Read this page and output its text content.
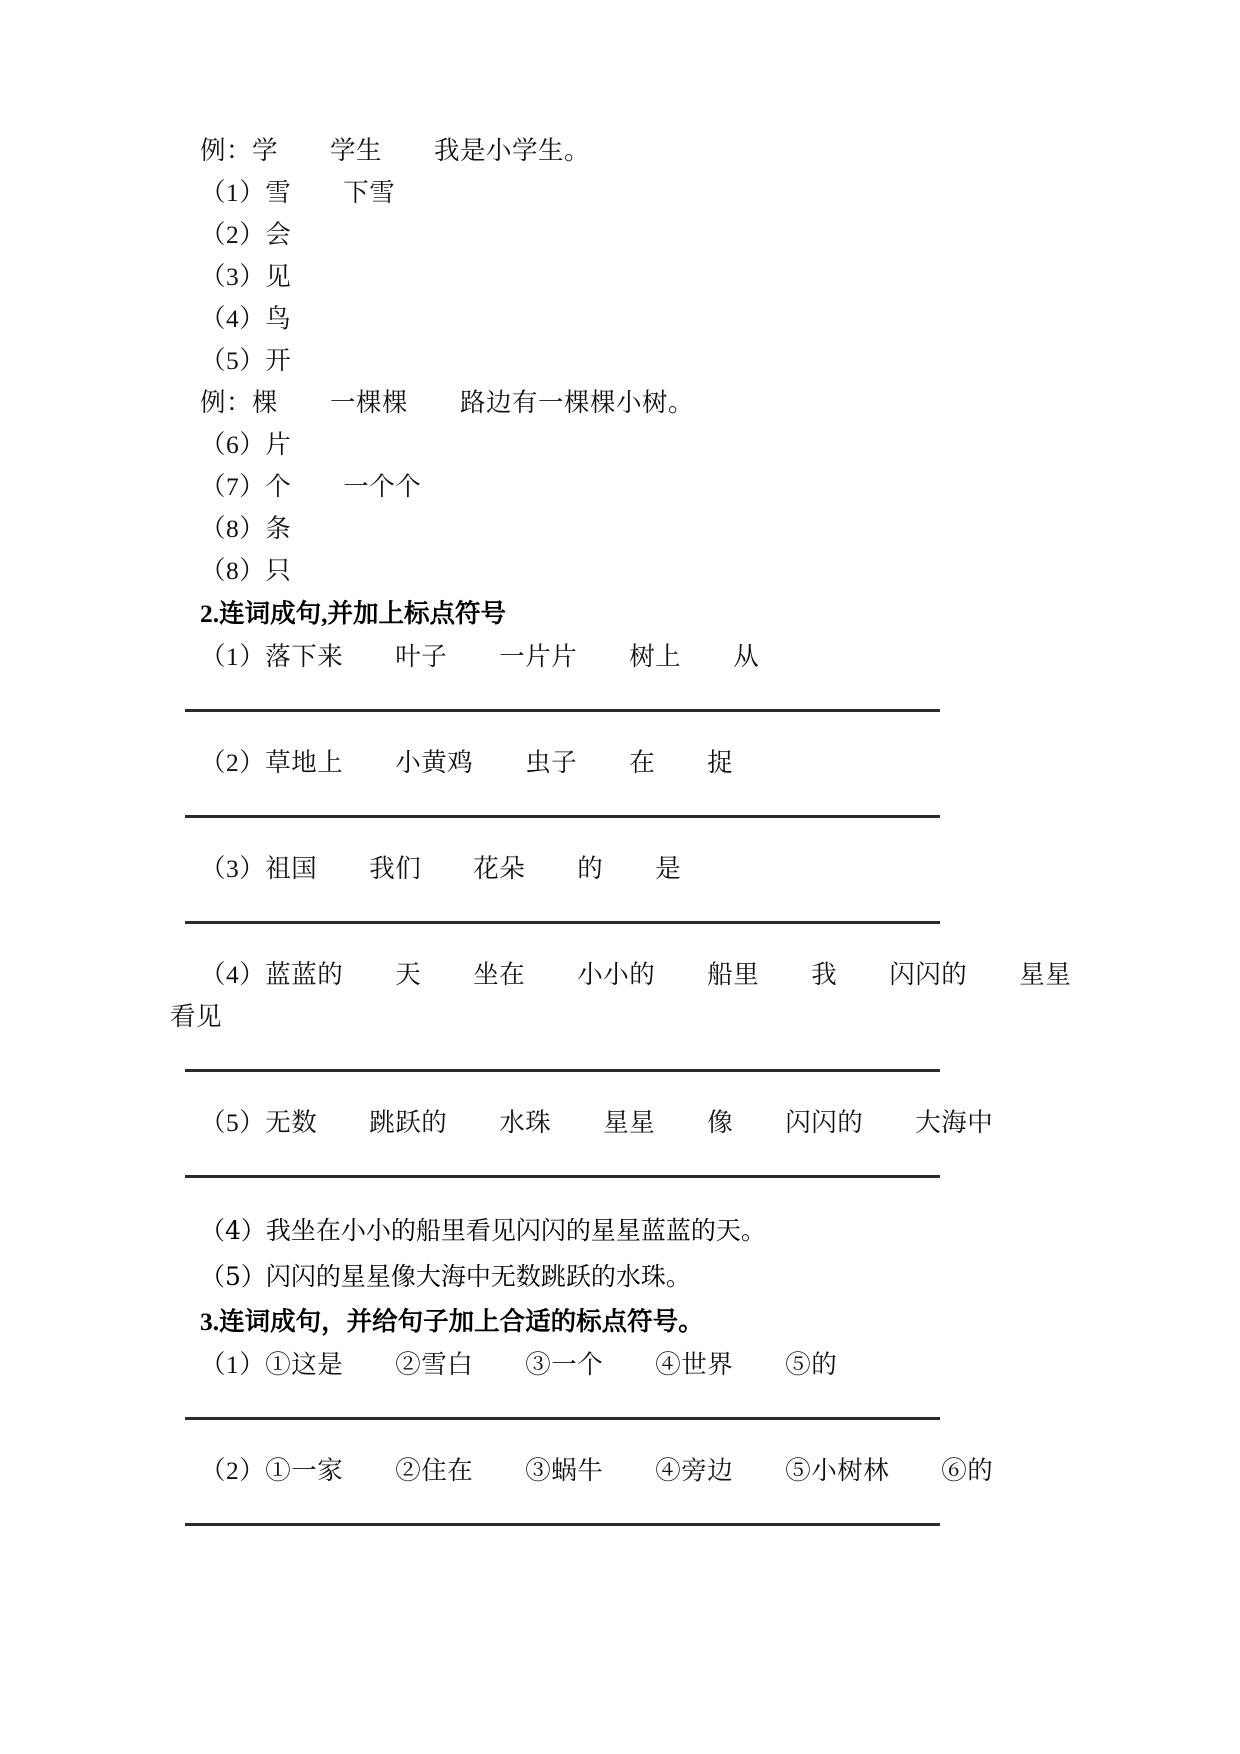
例：学　　学生　　我是小学生。
（1）雪　　下雪
（2）会
（3）见
（4）鸟
（5）开
例：棵　　一棵棵　　路边有一棵棵小树。
（6）片
（7）个　　一个个
（8）条
（8）只
2.连词成句,并加上标点符号
（1）落下来　　叶子　　一片片　　树上　　从
（2）草地上　　小黄鸡　　虫子　　在　　捉
（3）祖国　　我们　　花朵　　的　　是
（4）蓝蓝的　　天　　坐在　　小小的　　船里　　我　　闪闪的　　星星
看见
（5）无数　　跳跃的　　水珠　　星星　　像　　闪闪的　　大海中
（4）我坐在小小的船里看见闪闪的星星蓝蓝的天。
（5）闪闪的星星像大海中无数跳跃的水珠。
3.连词成句，并给句子加上合适的标点符号。
（1）①这是　　②雪白　　③一个　　④世界　　⑤的
（2）①一家　　②住在　　③蜗牛　　④旁边　　⑤小树林　　⑥的
